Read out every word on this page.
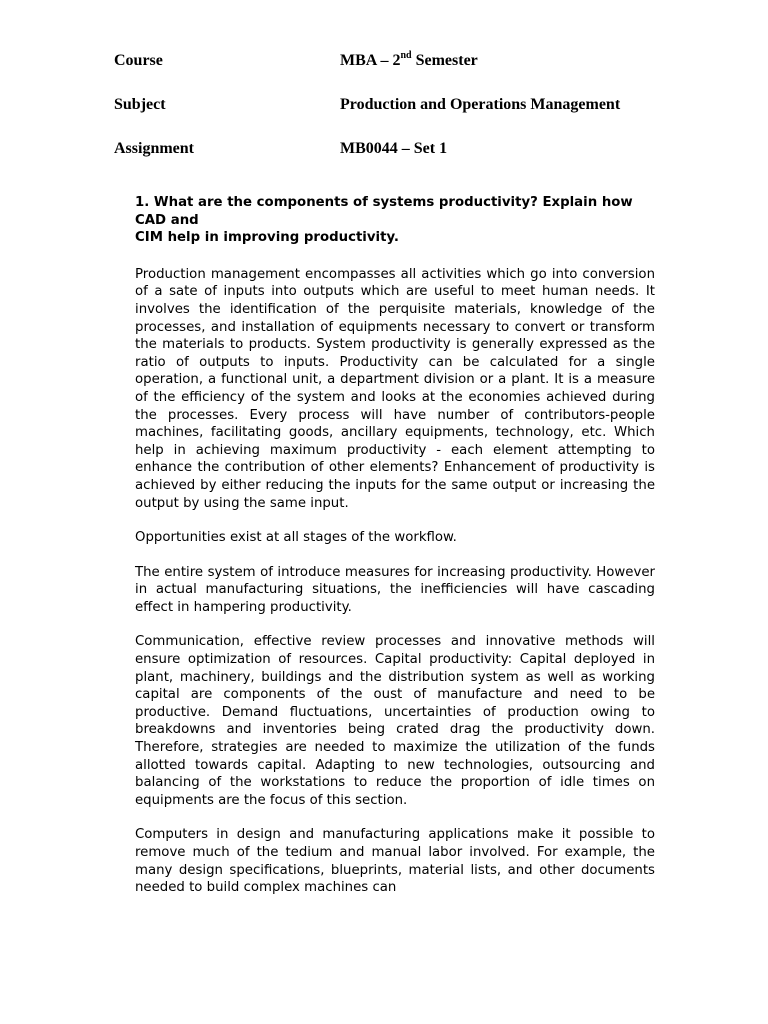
Course	MBA – 2nd Semester
Subject	Production and Operations Management
Assignment	MB0044 – Set 1
1. What are the components of systems productivity? Explain how
CAD and
CIM help in improving productivity.

Production management encompasses all activities which go into conversion of a sate of inputs into outputs which are useful to meet human needs. It involves the identification of the perquisite materials, knowledge of the processes, and installation of equipments necessary to convert or transform the materials to products. System productivity is generally expressed as the ratio of outputs to inputs. Productivity can be calculated for a single operation, a functional unit, a department division or a plant. It is a measure of the efficiency of the system and looks at the economies achieved during the processes. Every process will have number of contributors-people machines, facilitating goods, ancillary equipments, technology, etc. Which help in achieving maximum productivity - each element attempting to enhance the contribution of other elements? Enhancement of productivity is achieved by either reducing the inputs for the same output or increasing the output by using the same input.

Opportunities exist at all stages of the workflow.

The entire system of introduce measures for increasing productivity. However in actual manufacturing situations, the inefficiencies will have cascading effect in hampering productivity.

Communication, effective review processes and innovative methods will ensure optimization of resources. Capital productivity: Capital deployed in plant, machinery, buildings and the distribution system as well as working capital are components of the oust of manufacture and need to be productive. Demand fluctuations, uncertainties of production owing to breakdowns and inventories being crated drag the productivity down. Therefore, strategies are needed to maximize the utilization of the funds allotted towards capital. Adapting to new technologies, outsourcing and balancing of the workstations to reduce the proportion of idle times on equipments are the focus of this section.

Computers in design and manufacturing applications make it possible to remove much of the tedium and manual labor involved. For example, the many design specifications, blueprints, material lists, and other documents needed to build complex machines can
